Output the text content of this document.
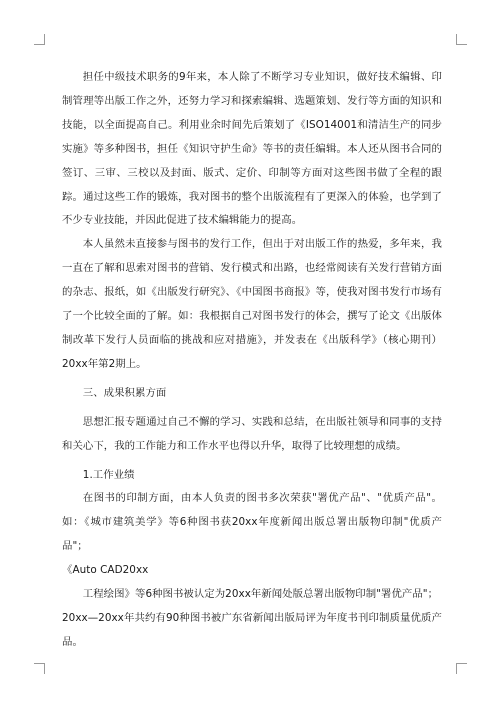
担任中级技术职务的9年来，本人除了不断学习专业知识，做好技术编辑、印制管理等出版工作之外，还努力学习和探索编辑、选题策划、发行等方面的知识和技能，以全面提高自己。利用业余时间先后策划了《ISO14001和清洁生产的同步实施》等多种图书，担任《知识守护生命》等书的责任编辑。本人还从图书合同的签订、三审、三校以及封面、版式、定价、印制等方面对这些图书做了全程的跟踪。通过这些工作的锻炼，我对图书的整个出版流程有了更深入的体验，也学到了不少专业技能，并因此促进了技术编辑能力的提高。

本人虽然未直接参与图书的发行工作，但出于对出版工作的热爱，多年来，我一直在了解和思索对图书的营销、发行模式和出路，也经常阅读有关发行营销方面的杂志、报纸，如《出版发行研究》、《中国图书商报》等，使我对图书发行市场有了一个比较全面的了解。如：我根据自己对图书发行的体会，撰写了论文《出版体制改革下发行人员面临的挑战和应对措施》，并发表在《出版科学》（核心期刊）20xx年第2期上。

三、成果积累方面

思想汇报专题通过自己不懈的学习、实践和总结，在出版社领导和同事的支持和关心下，我的工作能力和工作水平也得以升华，取得了比较理想的成绩。

1.工作业绩

在图书的印制方面，由本人负责的图书多次荣获"署优产品"、"优质产品"。如：《城市建筑美学》等6种图书获20xx年度新闻出版总署出版物印制"优质产品"；

《Auto CAD20xx

工程绘图》等6种图书被认定为20xx年新闻处版总署出版物印制"署优产品"；

20xx—20xx年共约有90种图书被广东省新闻出版局评为年度书刊印制质量优质产品。
